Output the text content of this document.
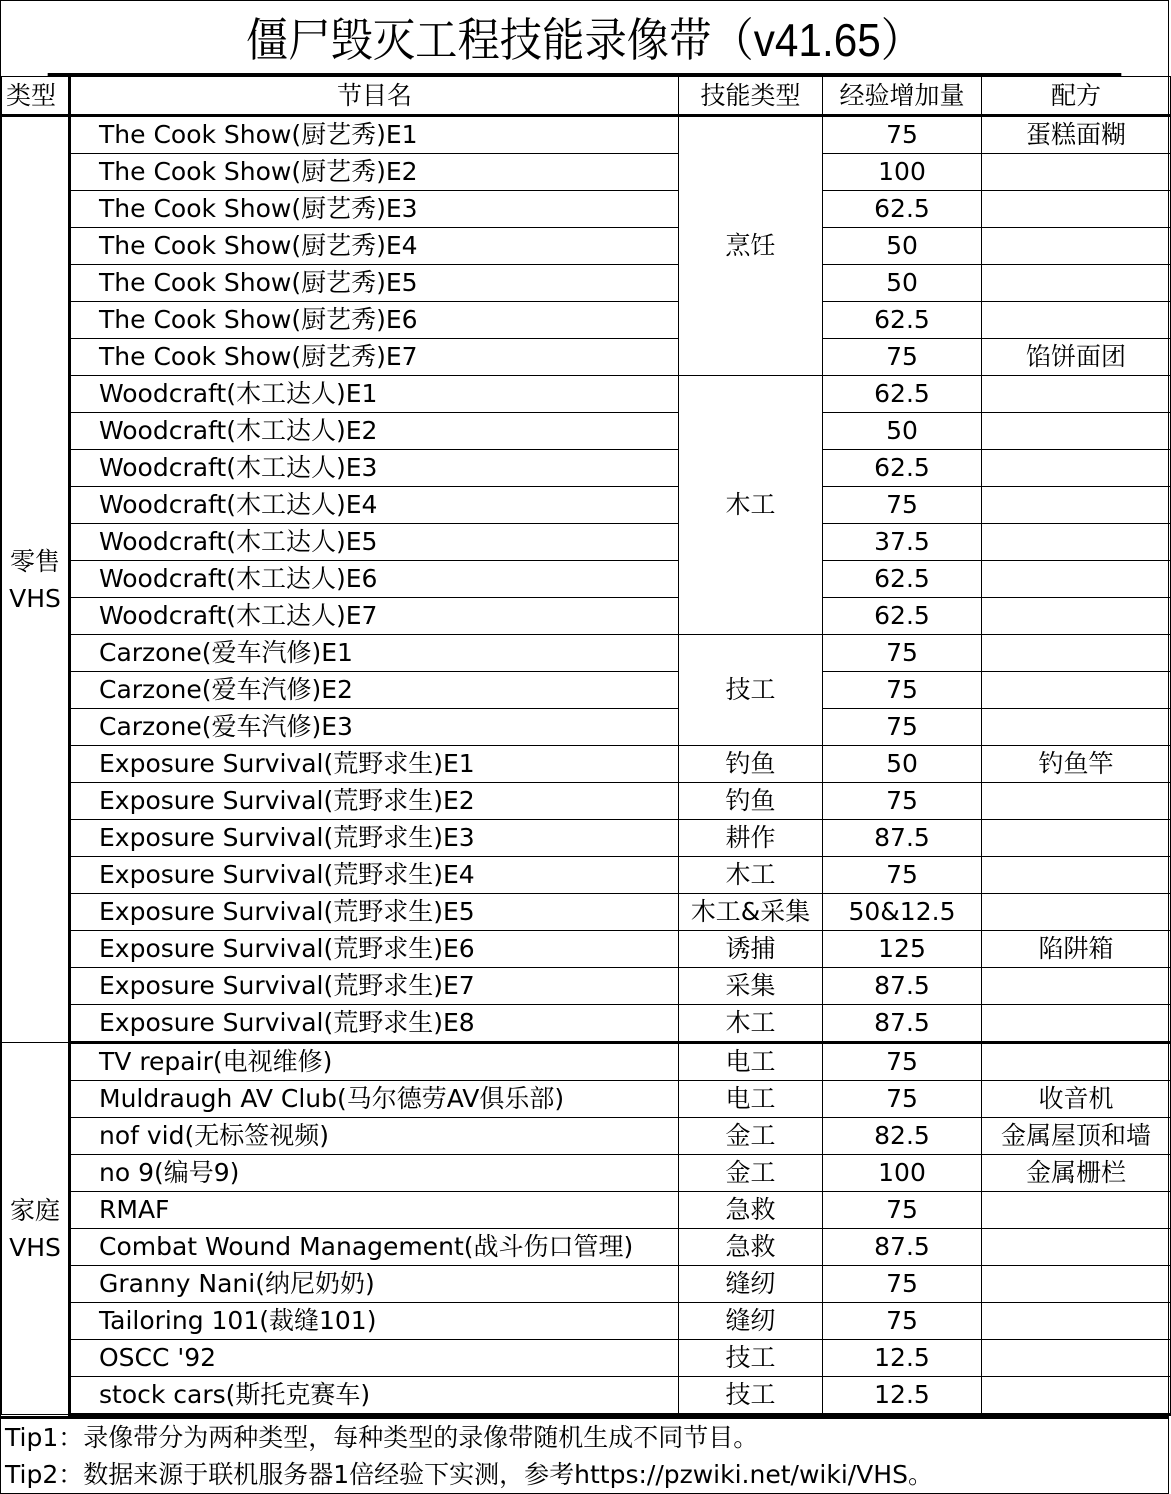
僵尸毁灭工程技能录像带（v41.65）
类型	节目名	技能类型	经验增加量	配方

零售
VHS	The Cook Show(厨艺秀)E1	烹饪	75	蛋糕面糊
	The Cook Show(厨艺秀)E2		100	
	The Cook Show(厨艺秀)E3		62.5	
	The Cook Show(厨艺秀)E4		50	
	The Cook Show(厨艺秀)E5		50	
	The Cook Show(厨艺秀)E6		62.5	
	The Cook Show(厨艺秀)E7		75	馅饼面团
	Woodcraft(木工达人)E1	木工	62.5	
	Woodcraft(木工达人)E2		50	
	Woodcraft(木工达人)E3		62.5	
	Woodcraft(木工达人)E4		75	
	Woodcraft(木工达人)E5		37.5	
	Woodcraft(木工达人)E6		62.5	
	Woodcraft(木工达人)E7		62.5	
	Carzone(爱车汽修)E1	技工	75	
	Carzone(爱车汽修)E2		75	
	Carzone(爱车汽修)E3		75	
	Exposure Survival(荒野求生)E1	钓鱼	50	钓鱼竿
	Exposure Survival(荒野求生)E2	钓鱼	75	
	Exposure Survival(荒野求生)E3	耕作	87.5	
	Exposure Survival(荒野求生)E4	木工	75	
	Exposure Survival(荒野求生)E5	木工&采集	50&12.5	
	Exposure Survival(荒野求生)E6	诱捕	125	陷阱箱
	Exposure Survival(荒野求生)E7	采集	87.5	
	Exposure Survival(荒野求生)E8	木工	87.5	

家庭
VHS	TV repair(电视维修)	电工	75	
	Muldraugh AV Club(马尔德劳AV俱乐部)	电工	75	收音机
	nof vid(无标签视频)	金工	82.5	金属屋顶和墙
	no 9(编号9)	金工	100	金属栅栏
	RMAF	急救	75	
	Combat Wound Management(战斗伤口管理)	急救	87.5	
	Granny Nani(纳尼奶奶)	缝纫	75	
	Tailoring 101(裁缝101)	缝纫	75	
	OSCC '92	技工	12.5	
	stock cars(斯托克赛车)	技工	12.5	
Tip1：录像带分为两种类型，每种类型的录像带随机生成不同节目。
Tip2：数据来源于联机服务器1倍经验下实测，参考https://pzwiki.net/wiki/VHS。
